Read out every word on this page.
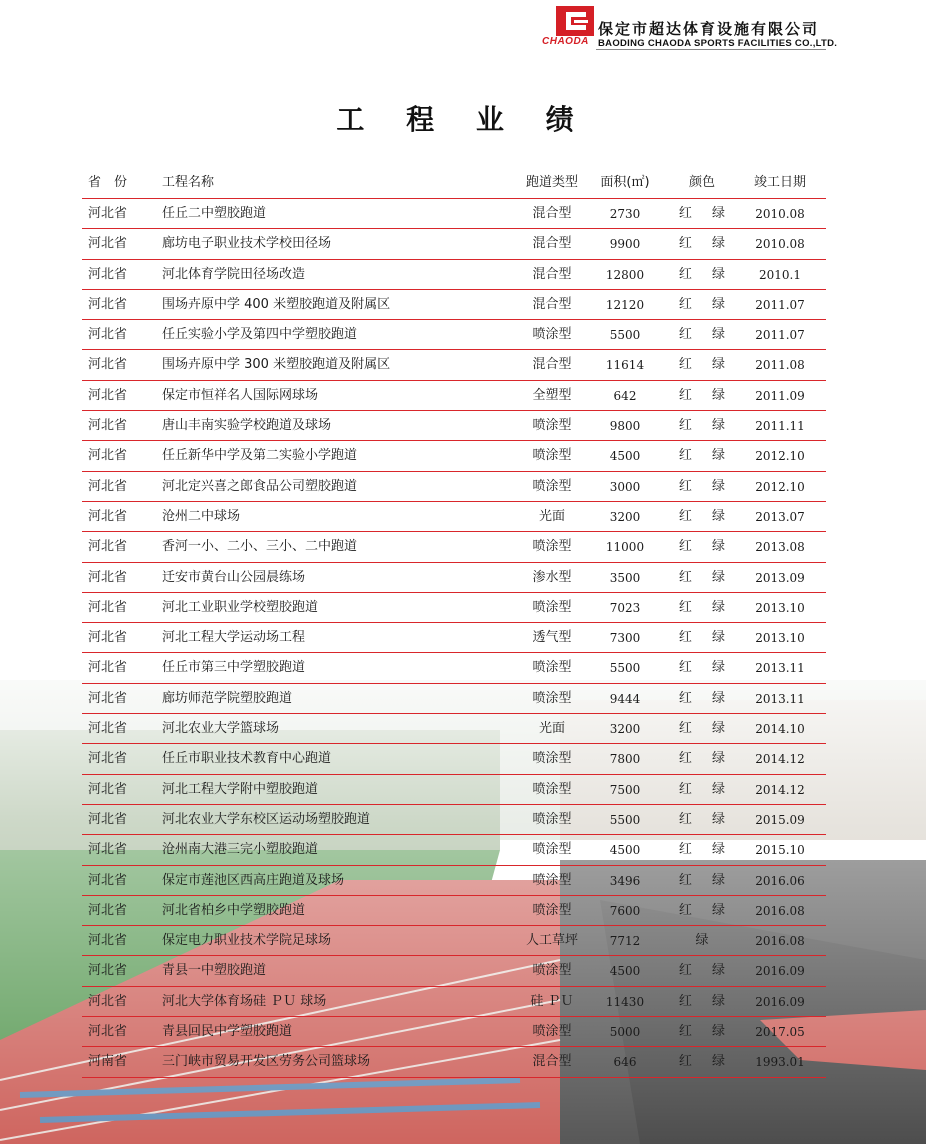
CHAODA
保定市超达体育设施有限公司
BAODING CHAODA SPORTS FACILITIES CO.,LTD.
工 程 业 绩
省　份	工程名称	跑道类型	面积(㎡)	颜色	竣工日期
河北省	任丘二中塑胶跑道	混合型	2730	红 绿	2010.08
河北省	廊坊电子职业技术学校田径场	混合型	9900	红 绿	2010.08
河北省	河北体育学院田径场改造	混合型	12800	红 绿	2010.1
河北省	围场卉原中学 400 米塑胶跑道及附属区	混合型	12120	红 绿	2011.07
河北省	任丘实验小学及第四中学塑胶跑道	喷涂型	5500	红 绿	2011.07
河北省	围场卉原中学 300 米塑胶跑道及附属区	混合型	11614	红 绿	2011.08
河北省	保定市恒祥名人国际网球场	全塑型	642	红 绿	2011.09
河北省	唐山丰南实验学校跑道及球场	喷涂型	9800	红 绿	2011.11
河北省	任丘新华中学及第二实验小学跑道	喷涂型	4500	红 绿	2012.10
河北省	河北定兴喜之郎食品公司塑胶跑道	喷涂型	3000	红 绿	2012.10
河北省	沧州二中球场	光面	3200	红 绿	2013.07
河北省	香河一小、二小、三小、二中跑道	喷涂型	11000	红 绿	2013.08
河北省	迁安市黄台山公园晨练场	渗水型	3500	红 绿	2013.09
河北省	河北工业职业学校塑胶跑道	喷涂型	7023	红 绿	2013.10
河北省	河北工程大学运动场工程	透气型	7300	红 绿	2013.10
河北省	任丘市第三中学塑胶跑道	喷涂型	5500	红 绿	2013.11
河北省	廊坊师范学院塑胶跑道	喷涂型	9444	红 绿	2013.11
河北省	河北农业大学篮球场	光面	3200	红 绿	2014.10
河北省	任丘市职业技术教育中心跑道	喷涂型	7800	红 绿	2014.12
河北省	河北工程大学附中塑胶跑道	喷涂型	7500	红 绿	2014.12
河北省	河北农业大学东校区运动场塑胶跑道	喷涂型	5500	红 绿	2015.09
河北省	沧州南大港三完小塑胶跑道	喷涂型	4500	红 绿	2015.10
河北省	保定市莲池区西高庄跑道及球场	喷涂型	3496	红 绿	2016.06
河北省	河北省柏乡中学塑胶跑道	喷涂型	7600	红 绿	2016.08
河北省	保定电力职业技术学院足球场	人工草坪	7712	绿	2016.08
河北省	青县一中塑胶跑道	喷涂型	4500	红 绿	2016.09
河北省	河北大学体育场硅 ＰＵ 球场	硅 ＰＵ	11430	红 绿	2016.09
河北省	青县回民中学塑胶跑道	喷涂型	5000	红 绿	2017.05
河南省	三门峡市贸易开发区劳务公司篮球场	混合型	646	红 绿	1993.01
